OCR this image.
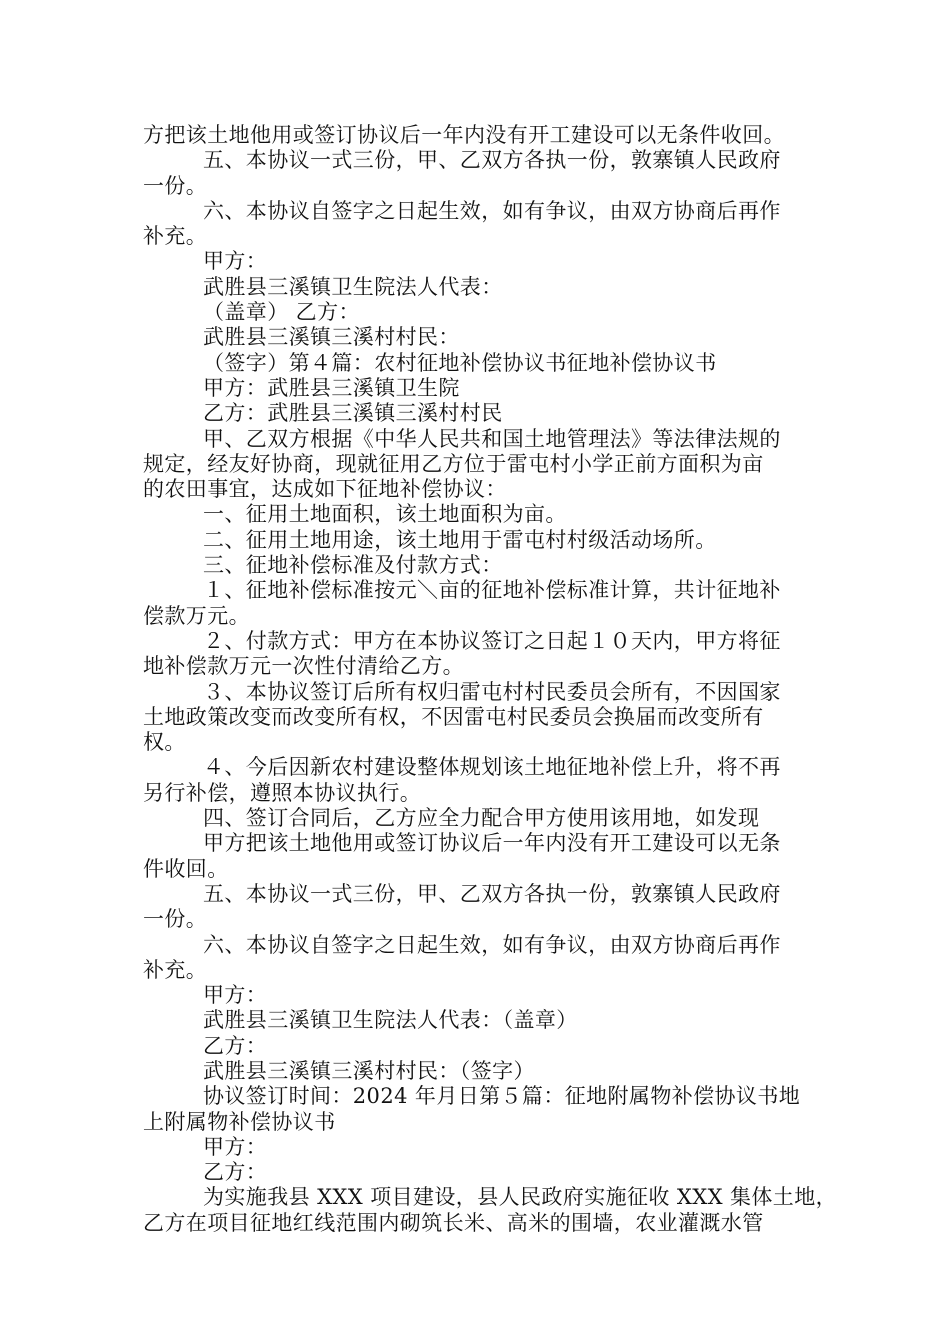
方把该土地他用或签订协议后一年内没有开工建设可以无条件收回。
五、本协议一式三份，甲、乙双方各执一份，敦寨镇人民政府
一份。
六、本协议自签字之日起生效，如有争议，由双方协商后再作
补充。
甲方：
武胜县三溪镇卫生院法人代表：
（盖章） 乙方：
武胜县三溪镇三溪村村民：
（签字）第４篇：农村征地补偿协议书征地补偿协议书
甲方：武胜县三溪镇卫生院
乙方：武胜县三溪镇三溪村村民
甲、乙双方根据《中华人民共和国土地管理法》等法律法规的
规定，经友好协商，现就征用乙方位于雷屯村小学正前方面积为亩
的农田事宜，达成如下征地补偿协议：
一、征用土地面积，该土地面积为亩。
二、征用土地用途，该土地用于雷屯村村级活动场所。
三、征地补偿标准及付款方式：
１、征地补偿标准按元＼亩的征地补偿标准计算，共计征地补
偿款万元。
２、付款方式：甲方在本协议签订之日起１０天内，甲方将征
地补偿款万元一次性付清给乙方。
３、本协议签订后所有权归雷屯村村民委员会所有，不因国家
土地政策改变而改变所有权，不因雷屯村民委员会换届而改变所有
权。
４、今后因新农村建设整体规划该土地征地补偿上升，将不再
另行补偿，遵照本协议执行。
四、签订合同后，乙方应全力配合甲方使用该用地，如发现
甲方把该土地他用或签订协议后一年内没有开工建设可以无条
件收回。
五、本协议一式三份，甲、乙双方各执一份，敦寨镇人民政府
一份。
六、本协议自签字之日起生效，如有争议，由双方协商后再作
补充。
甲方：
武胜县三溪镇卫生院法人代表：（盖章）
乙方：
武胜县三溪镇三溪村村民：（签字）
协议签订时间：2024 年月日第５篇：征地附属物补偿协议书地
上附属物补偿协议书
甲方：
乙方：
为实施我县 XXX 项目建设，县人民政府实施征收 XXX 集体土地，
乙方在项目征地红线范围内砌筑长米、高米的围墙，农业灌溉水管
